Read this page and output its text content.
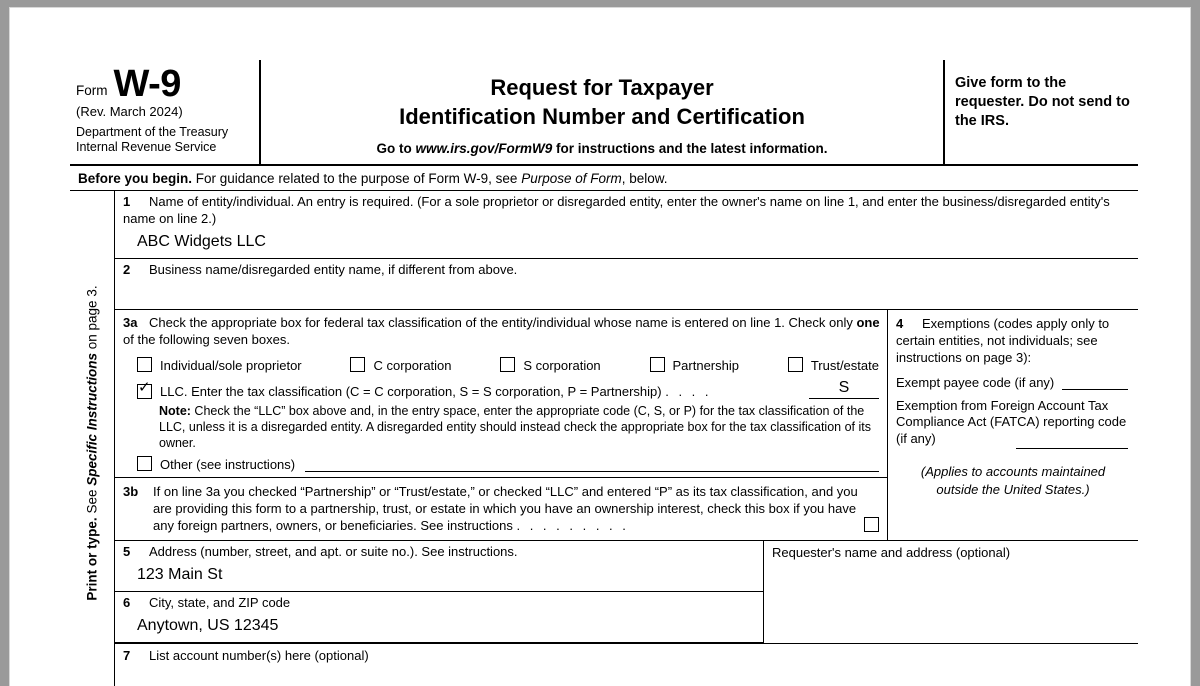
Form W-9
(Rev. March 2024)
Department of the Treasury
Internal Revenue Service
Request for Taxpayer
Identification Number and Certification
Go to www.irs.gov/FormW9 for instructions and the latest information.
Give form to the requester. Do not send to the IRS.
Before you begin. For guidance related to the purpose of Form W-9, see Purpose of Form, below.
Print or type. See Specific Instructions on page 3.
1 Name of entity/individual. An entry is required. (For a sole proprietor or disregarded entity, enter the owner's name on line 1, and enter the business/disregarded entity's name on line 2.)
ABC Widgets LLC
2 Business name/disregarded entity name, if different from above.
3a Check the appropriate box for federal tax classification of the entity/individual whose name is entered on line 1. Check only one of the following seven boxes.
Individual/sole proprietor	C corporation	S corporation	Partnership	Trust/estate
✓
LLC. Enter the tax classification (C = C corporation, S = S corporation, P = Partnership) . . . .	S
Note: Check the “LLC” box above and, in the entry space, enter the appropriate code (C, S, or P) for the tax classification of the LLC, unless it is a disregarded entity. A disregarded entity should instead check the appropriate box for the tax classification of its owner.
Other (see instructions)
3b	If on line 3a you checked “Partnership” or “Trust/estate,” or checked “LLC” and entered “P” as its tax classification, and you are providing this form to a partnership, trust, or estate in which you have an ownership interest, check this box if you have any foreign partners, owners, or beneficiaries. See instructions . . . . . . . . .
4 Exemptions (codes apply only to certain entities, not individuals; see instructions on page 3):
Exempt payee code (if any)
Exemption from Foreign Account Tax Compliance Act (FATCA) reporting code (if any)
(Applies to accounts maintained
outside the United States.)
5 Address (number, street, and apt. or suite no.). See instructions.
123 Main St
6 City, state, and ZIP code
Anytown, US 12345
Requester's name and address (optional)
7 List account number(s) here (optional)
